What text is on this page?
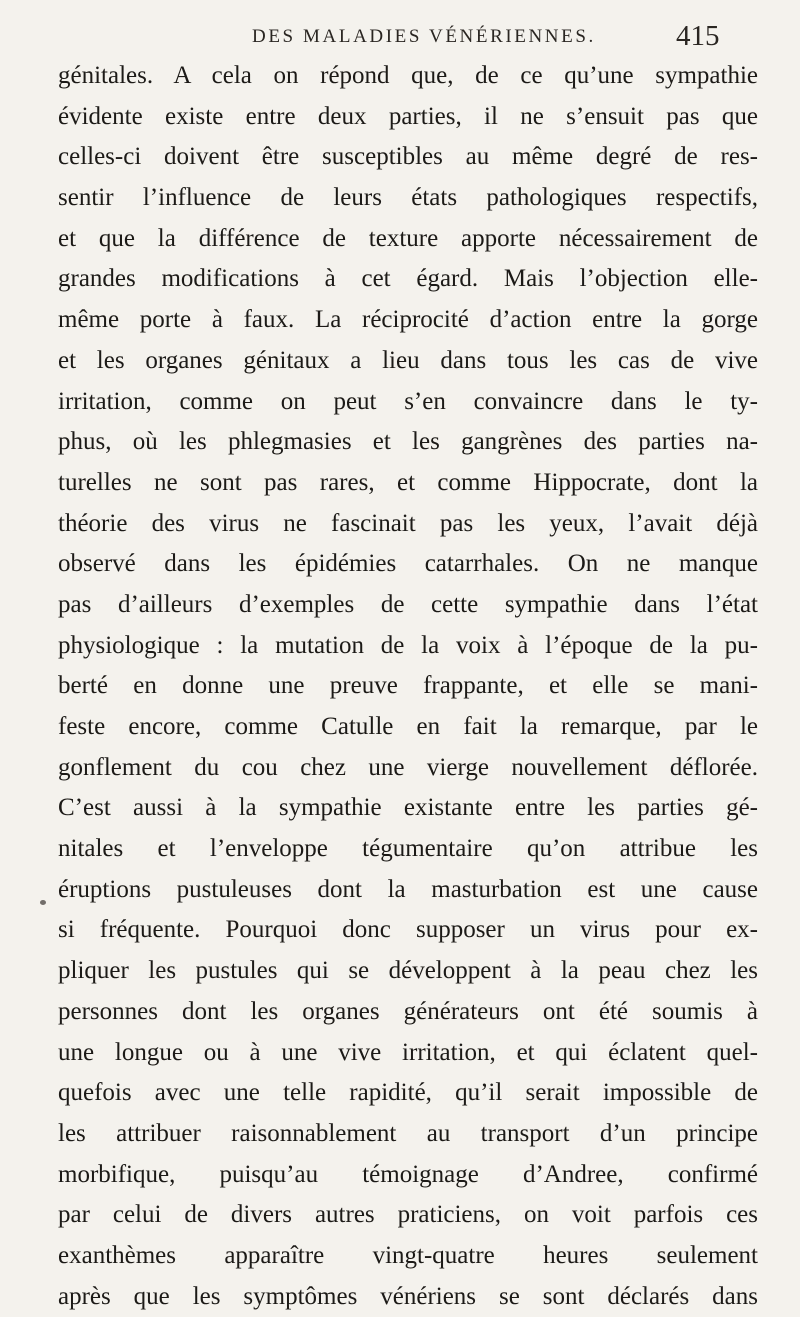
DES MALADIES VÉNÉRIENNES.	415
génitales. A cela on répond que, de ce qu’une sympathie
évidente existe entre deux parties, il ne s’ensuit pas que
celles-ci doivent être susceptibles au même degré de res-
sentir l’influence de leurs états pathologiques respectifs,
et que la différence de texture apporte nécessairement de
grandes modifications à cet égard. Mais l’objection elle-
même porte à faux. La réciprocité d’action entre la gorge
et les organes génitaux a lieu dans tous les cas de vive
irritation, comme on peut s’en convaincre dans le ty-
phus, où les phlegmasies et les gangrènes des parties na-
turelles ne sont pas rares, et comme Hippocrate, dont la
théorie des virus ne fascinait pas les yeux, l’avait déjà
observé dans les épidémies catarrhales. On ne manque
pas d’ailleurs d’exemples de cette sympathie dans l’état
physiologique : la mutation de la voix à l’époque de la pu-
berté en donne une preuve frappante, et elle se mani-
feste encore, comme Catulle en fait la remarque, par le
gonflement du cou chez une vierge nouvellement déflorée.
C’est aussi à la sympathie existante entre les parties gé-
nitales et l’enveloppe tégumentaire qu’on attribue les
éruptions pustuleuses dont la masturbation est une cause
si fréquente. Pourquoi donc supposer un virus pour ex-
pliquer les pustules qui se développent à la peau chez les
personnes dont les organes générateurs ont été soumis à
une longue ou à une vive irritation, et qui éclatent quel-
quefois avec une telle rapidité, qu’il serait impossible de
les attribuer raisonnablement au transport d’un principe
morbifique, puisqu’au témoignage d’Andree, confirmé
par celui de divers autres praticiens, on voit parfois ces
exanthèmes apparaître vingt-quatre heures seulement
après que les symptômes vénériens se sont déclarés dans
